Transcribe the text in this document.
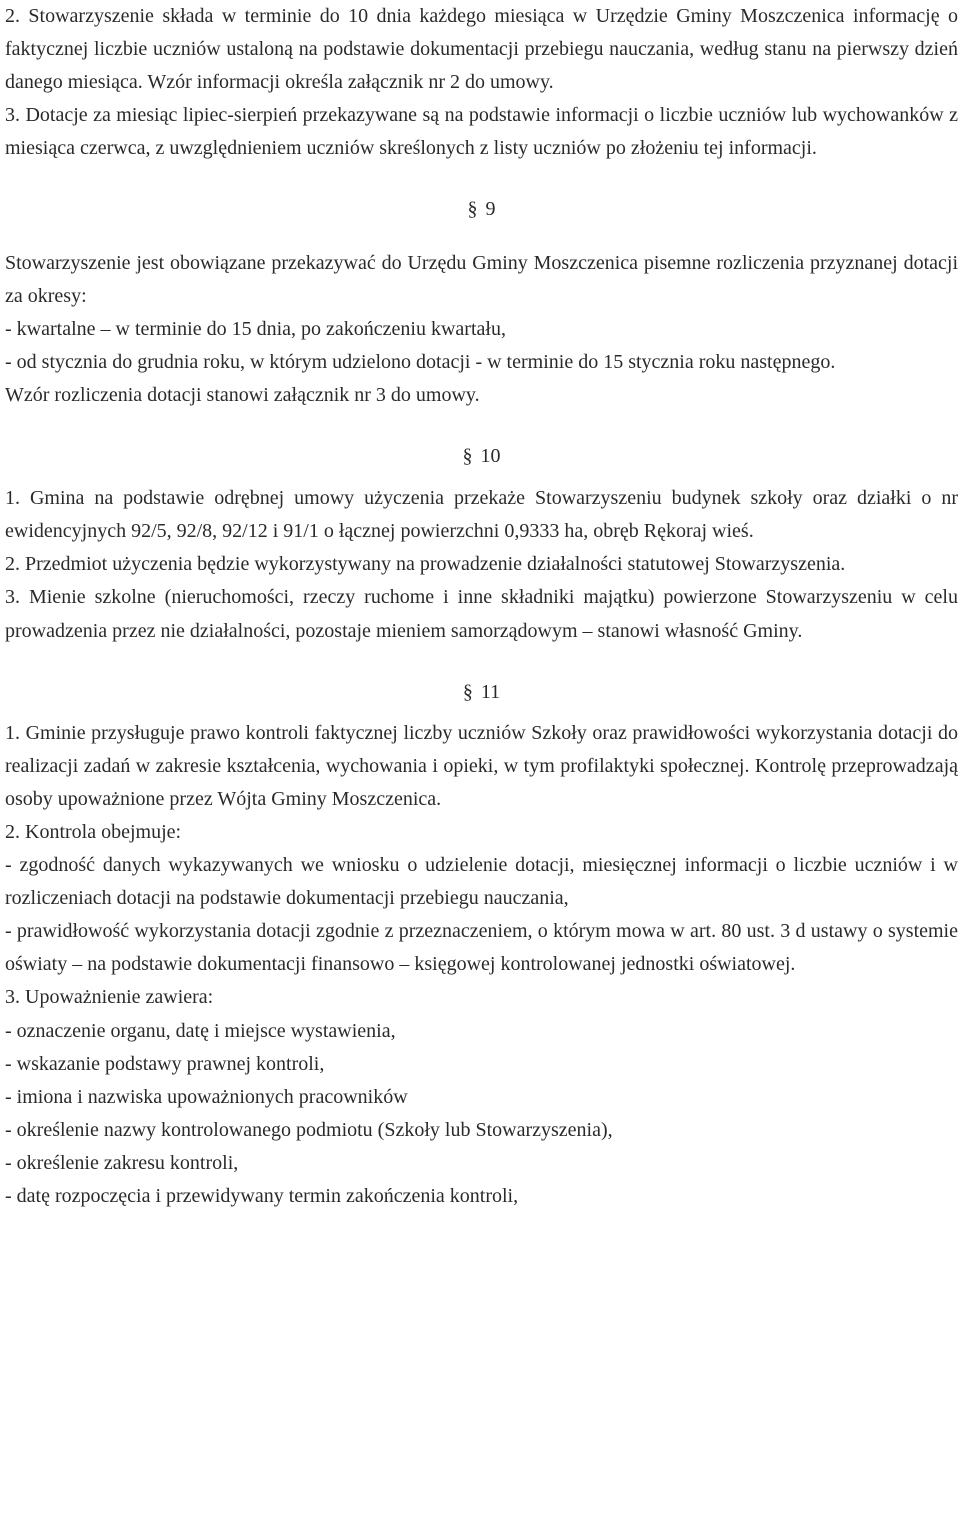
2. Stowarzyszenie składa w terminie do 10 dnia każdego miesiąca w Urzędzie Gminy Moszczenica informację o faktycznej liczbie uczniów ustaloną na podstawie dokumentacji przebiegu nauczania, według stanu na pierwszy dzień danego miesiąca. Wzór informacji określa załącznik nr 2 do umowy.

3. Dotacje za miesiąc lipiec-sierpień przekazywane są na podstawie informacji o liczbie uczniów lub wychowanków z miesiąca czerwca, z uwzględnieniem uczniów skreślonych z listy uczniów po złożeniu tej informacji.

§ 9

Stowarzyszenie jest obowiązane przekazywać do Urzędu Gminy Moszczenica pisemne rozliczenia przyznanej dotacji za okresy:

- kwartalne – w terminie do 15 dnia, po zakończeniu kwartału,

- od stycznia do grudnia roku, w którym udzielono dotacji - w terminie do 15 stycznia roku następnego.

Wzór rozliczenia dotacji stanowi załącznik nr 3 do umowy.

§ 10

1. Gmina na podstawie odrębnej umowy użyczenia przekaże Stowarzyszeniu budynek szkoły oraz działki o nr ewidencyjnych 92/5, 92/8, 92/12 i 91/1 o łącznej powierzchni 0,9333 ha, obręb Rękoraj wieś.

2. Przedmiot użyczenia będzie wykorzystywany na prowadzenie działalności statutowej Stowarzyszenia.

3. Mienie szkolne (nieruchomości, rzeczy ruchome i inne składniki majątku) powierzone Stowarzyszeniu w celu prowadzenia przez nie działalności, pozostaje mieniem samorządowym – stanowi własność Gminy.

§ 11

1. Gminie przysługuje prawo kontroli faktycznej liczby uczniów Szkoły oraz prawidłowości wykorzystania dotacji do realizacji zadań w zakresie kształcenia, wychowania i opieki, w tym profilaktyki społecznej. Kontrolę przeprowadzają osoby upoważnione przez Wójta Gminy Moszczenica.

2. Kontrola obejmuje:

- zgodność danych wykazywanych we wniosku o udzielenie dotacji, miesięcznej informacji o liczbie uczniów i w rozliczeniach dotacji na podstawie dokumentacji przebiegu nauczania,

- prawidłowość wykorzystania dotacji zgodnie z przeznaczeniem, o którym mowa w art. 80 ust. 3 d ustawy o systemie oświaty – na podstawie dokumentacji finansowo – księgowej kontrolowanej jednostki oświatowej.

3. Upoważnienie zawiera:

- oznaczenie organu, datę i miejsce wystawienia,

- wskazanie podstawy prawnej kontroli,

- imiona i nazwiska upoważnionych pracowników

- określenie nazwy kontrolowanego podmiotu (Szkoły lub Stowarzyszenia),

- określenie zakresu kontroli,

- datę rozpoczęcia i przewidywany termin zakończenia kontroli,
